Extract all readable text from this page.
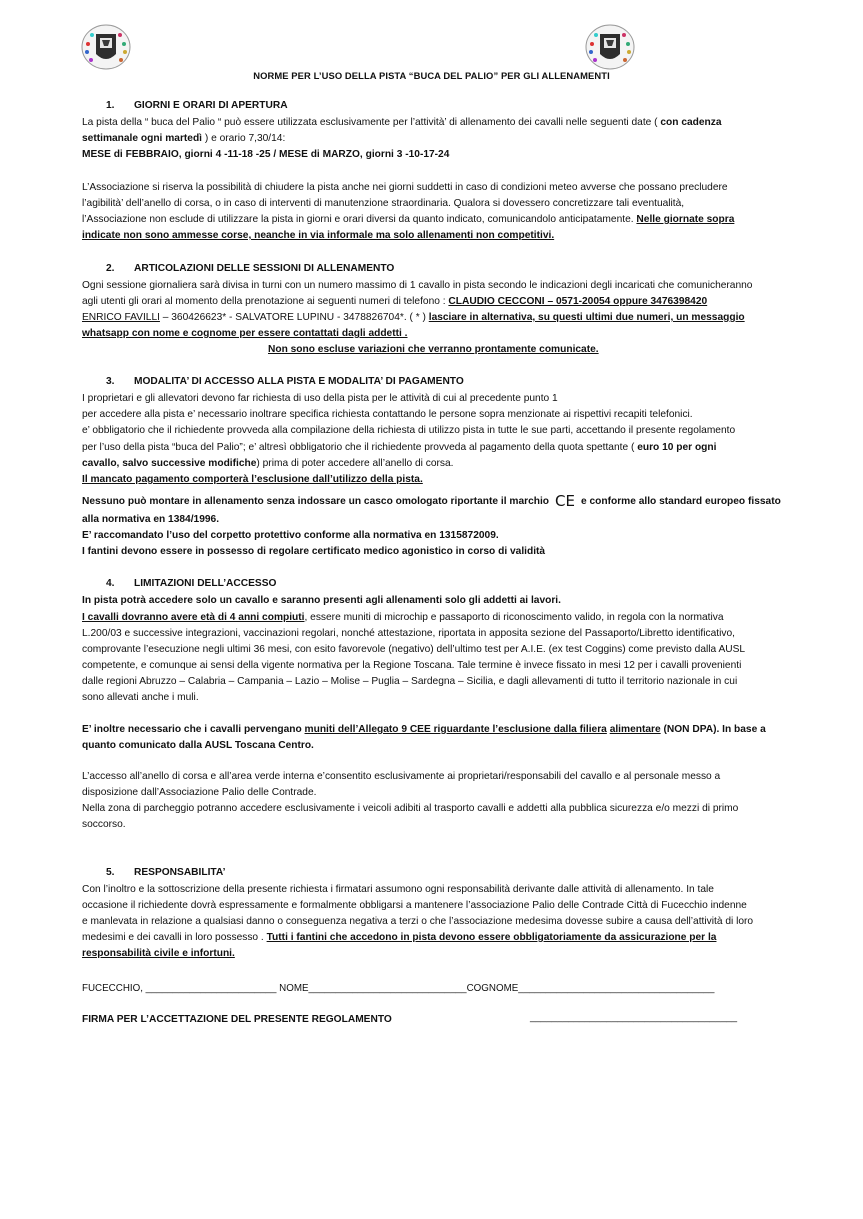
NORME PER L’USO DELLA PISTA “BUCA DEL PALIO” PER GLI ALLENAMENTI
1. GIORNI E ORARI DI APERTURA
La pista della “ buca del Palio “ può essere utilizzata esclusivamente per l’attività’ di allenamento dei cavalli nelle seguenti date ( con cadenza
settimanale ogni martedì ) e orario 7,30/14:
MESE di FEBBRAIO, giorni 4 -11-18 -25 / MESE di MARZO, giorni 3 -10-17-24
L’Associazione si riserva la possibilità di chiudere la pista anche nei giorni suddetti in caso di condizioni meteo avverse che possano precludere
l’agibilità’ dell’anello di corsa, o in caso di interventi di manutenzione straordinaria. Qualora si dovessero concretizzare tali eventualità,
l’Associazione non esclude di utilizzare la pista in giorni e orari diversi da quanto indicato, comunicandolo anticipatamente. Nelle giornate sopra
indicate non sono ammesse corse, neanche in via informale ma solo allenamenti non competitivi.
2. ARTICOLAZIONI DELLE SESSIONI DI ALLENAMENTO
Ogni sessione giornaliera sarà divisa in turni con un numero massimo di 1 cavallo in pista secondo le indicazioni degli incaricati che comunicheranno
agli utenti gli orari al momento della prenotazione ai seguenti numeri di telefono : CLAUDIO CECCONI – 0571-20054 oppure 3476398420
ENRICO FAVILLI – 360426623* - SALVATORE LUPINU - 3478826704*. ( * ) lasciare in alternativa, su questi ultimi due numeri, un messaggio
whatsapp con nome e cognome per essere contattati dagli addetti .
Non sono escluse variazioni che verranno prontamente comunicate.
3. MODALITA’ DI ACCESSO ALLA PISTA E MODALITA’ DI PAGAMENTO
I proprietari e gli allevatori devono far richiesta di uso della pista per le attività di cui al precedente punto 1
per accedere alla pista e’ necessario inoltrare specifica richiesta contattando le persone sopra menzionate ai rispettivi recapiti telefonici.
e’ obbligatorio che il richiedente provveda alla compilazione della richiesta di utilizzo pista in tutte le sue parti, accettando il presente regolamento
per l’uso della pista “buca del Palio”; e’ altresì obbligatorio che il richiedente provveda al pagamento della quota spettante ( euro 10 per ogni
cavallo, salvo successive modifiche) prima di poter accedere all’anello di corsa.
Il mancato pagamento comporterà l’esclusione dall’utilizzo della pista.
Nessuno può montare in allenamento senza indossare un casco omologato riportante il marchio CE e conforme allo standard europeo fissato
alla normativa en 1384/1996.
E’ raccomandato l’uso del corpetto protettivo conforme alla normativa en 1315872009.
I fantini devono essere in possesso di regolare certificato medico agonistico in corso di validità
4. LIMITAZIONI DELL’ACCESSO
In pista potrà accedere solo un cavallo e saranno presenti agli allenamenti solo gli addetti ai lavori.
I cavalli dovranno avere età di 4 anni compiuti, essere muniti di microchip e passaporto di riconoscimento valido, in regola con la normativa
L.200/03 e successive integrazioni, vaccinazioni regolari, nonché attestazione, riportata in apposita sezione del Passaporto/Libretto identificativo,
comprovante l’esecuzione negli ultimi 36 mesi, con esito favorevole (negativo) dell’ultimo test per A.I.E. (ex test Coggins) come previsto dalla AUSL
competente, e comunque ai sensi della vigente normativa per la Regione Toscana. Tale termine è invece fissato in mesi 12 per i cavalli provenienti
dalle regioni Abruzzo – Calabria – Campania – Lazio – Molise – Puglia – Sardegna – Sicilia, e dagli allevamenti di tutto il territorio nazionale in cui
sono allevati anche i muli.
E’ inoltre necessario che i cavalli pervengano muniti dell’Allegato 9 CEE riguardante l’esclusione dalla filiera alimentare (NON DPA). In base a
quanto comunicato dalla AUSL Toscana Centro.
L’accesso all’anello di corsa e all’area verde interna e’consentito esclusivamente ai proprietari/responsabili del cavallo e al personale messo a
disposizione dall’Associazione Palio delle Contrade.
Nella zona di parcheggio potranno accedere esclusivamente i veicoli adibiti al trasporto cavalli e addetti alla pubblica sicurezza e/o mezzi di primo
soccorso.
5. RESPONSABILITA’
Con l’inoltro e la sottoscrizione della presente richiesta i firmatari assumono ogni responsabilità derivante dalle attività di allenamento. In tale
occasione il richiedente dovrà espressamente e formalmente obbligarsi a mantenere l’associazione Palio delle Contrade Città di Fucecchio indenne
e manlevata in relazione a qualsiasi danno o conseguenza negativa a terzi o che l’associazione medesima dovesse subire a causa dell’attività di loro
medesimi e dei cavalli in loro possesso . Tutti i fantini che accedono in pista devono essere obbligatoriamente da assicurazione per la
responsabilità civile e infortuni.
FUCECCHIO, ________________________ NOME_____________________________COGNOME____________________________________
FIRMA PER L’ACCETTAZIONE DEL PRESENTE REGOLAMENTO	______________________________________
